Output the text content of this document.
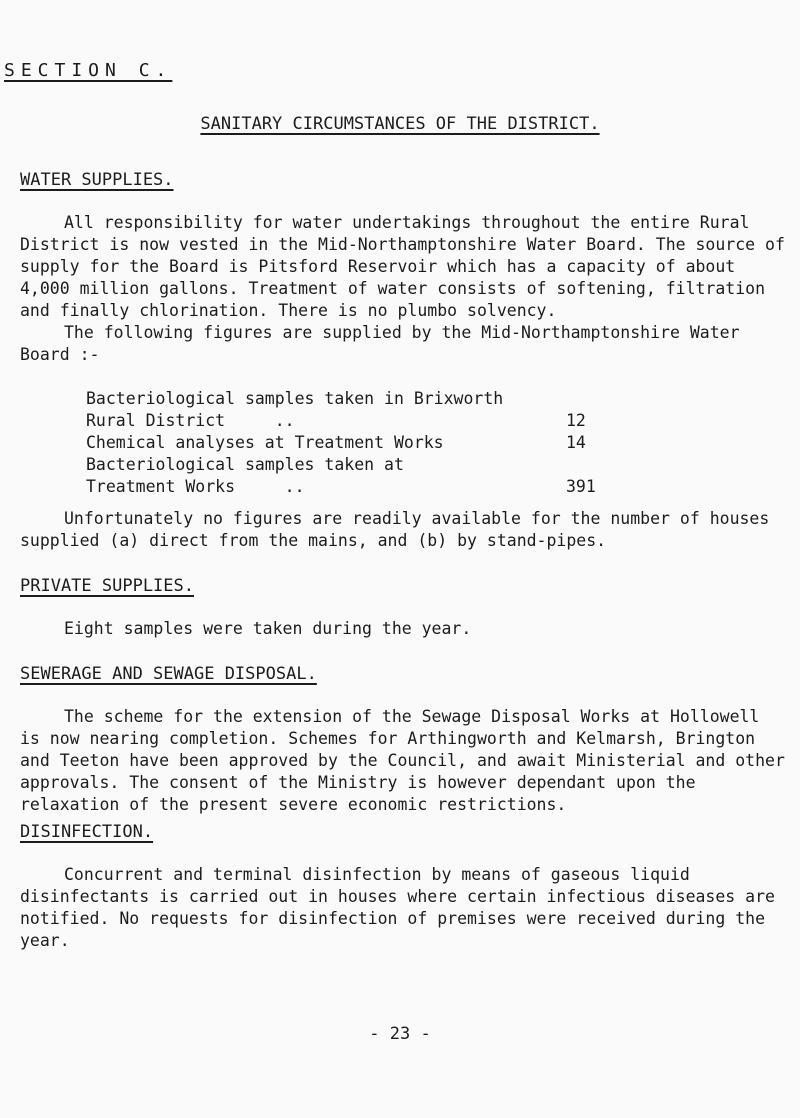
SECTION C.
SANITARY CIRCUMSTANCES OF THE DISTRICT.
WATER SUPPLIES.
All responsibility for water undertakings throughout the entire Rural District is now vested in the Mid-Northamptonshire Water Board. The source of supply for the Board is Pitsford Reservoir which has a capacity of about 4,000 million gallons. Treatment of water consists of softening, filtration and finally chlorination. There is no plumbo solvency.
The following figures are supplied by the Mid-Northamptonshire Water Board :-
Bacteriological samples taken in Brixworth
Rural District     ..	12
Chemical analyses at Treatment Works	14
Bacteriological samples taken at
Treatment Works     ..	391
Unfortunately no figures are readily available for the number of houses supplied (a) direct from the mains, and (b) by stand-pipes.
PRIVATE SUPPLIES.
Eight samples were taken during the year.
SEWERAGE AND SEWAGE DISPOSAL.
The scheme for the extension of the Sewage Disposal Works at Hollowell is now nearing completion. Schemes for Arthingworth and Kelmarsh, Brington and Teeton have been approved by the Council, and await Ministerial and other approvals. The consent of the Ministry is however dependant upon the relaxation of the present severe economic restrictions.
DISINFECTION.
Concurrent and terminal disinfection by means of gaseous liquid disinfectants is carried out in houses where certain infectious diseases are notified. No requests for disinfection of premises were received during the year.
- 23 -
